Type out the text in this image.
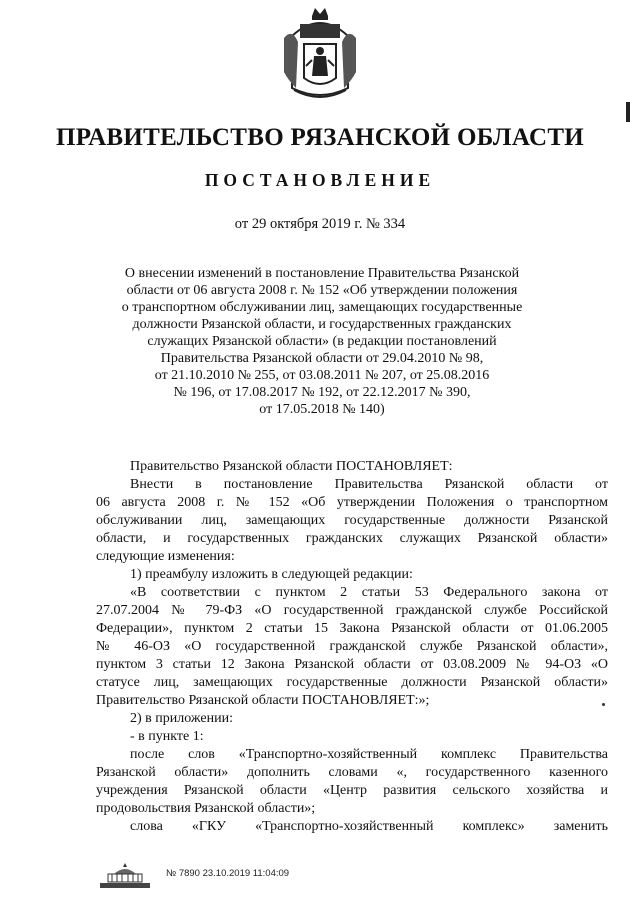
ПРАВИТЕЛЬСТВО РЯЗАНСКОЙ ОБЛАСТИ
ПОСТАНОВЛЕНИЕ
от 29 октября 2019 г. № 334
О внесении изменений в постановление Правительства Рязанской
области от 06 августа 2008 г. № 152 «Об утверждении положения
о транспортном обслуживании лиц, замещающих государственные
должности Рязанской области, и государственных гражданских
служащих Рязанской области» (в редакции постановлений
Правительства Рязанской области от 29.04.2010 № 98,
от 21.10.2010 № 255, от 03.08.2011 № 207, от 25.08.2016
№ 196, от 17.08.2017 № 192, от 22.12.2017 № 390,
от 17.05.2018 № 140)
Правительство Рязанской области ПОСТАНОВЛЯЕТ:
Внести в постановление Правительства Рязанской области от
06 августа 2008 г. № 152 «Об утверждении Положения о транспортном
обслуживании лиц, замещающих государственные должности Рязанской
области, и государственных гражданских служащих Рязанской области»
следующие изменения:
1) преамбулу изложить в следующей редакции:
«В соответствии с пунктом 2 статьи 53 Федерального закона от
27.07.2004 № 79-ФЗ «О государственной гражданской службе Российской
Федерации», пунктом 2 статьи 15 Закона Рязанской области от 01.06.2005
№ 46-ОЗ «О государственной гражданской службе Рязанской области»,
пунктом 3 статьи 12 Закона Рязанской области от 03.08.2009 № 94-ОЗ «О
статусе лиц, замещающих государственные должности Рязанской области»
Правительство Рязанской области ПОСТАНОВЛЯЕТ:»;
2) в приложении:
- в пункте 1:
после слов «Транспортно-хозяйственный комплекс Правительства
Рязанской области» дополнить словами «, государственного казенного
учреждения Рязанской области «Центр развития сельского хозяйства и
продовольствия Рязанской области»;
слова «ГКУ «Транспортно-хозяйственный комплекс» заменить
№ 7890 23.10.2019 11:04:09
